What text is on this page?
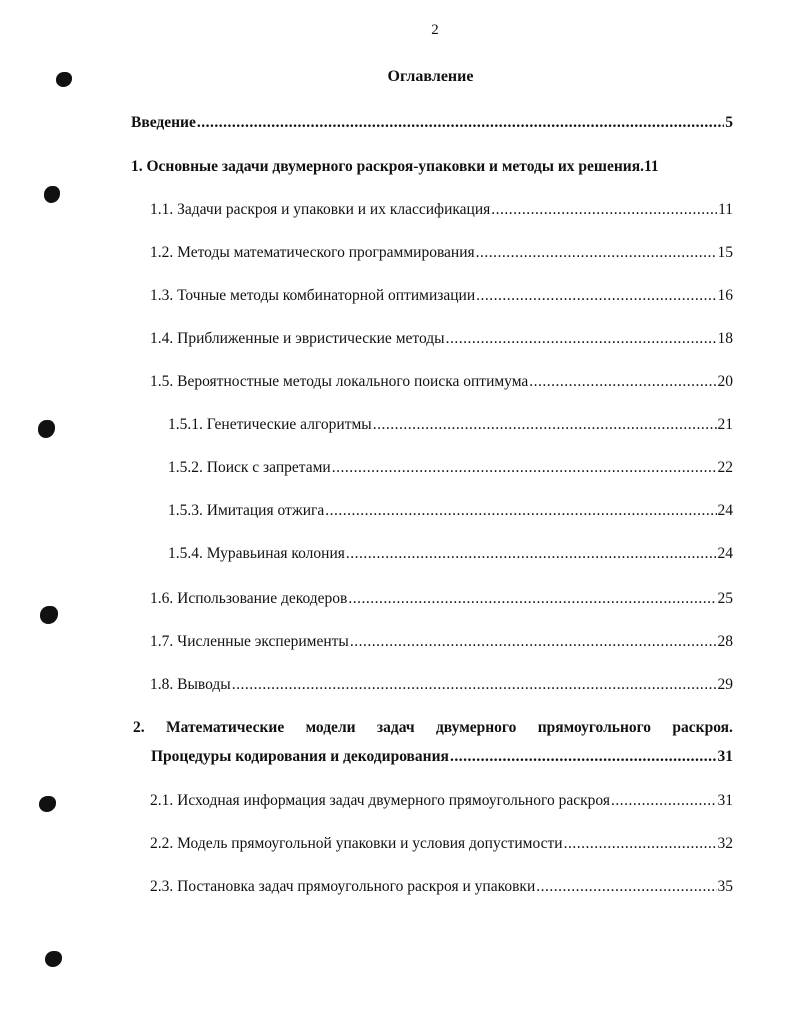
2
Оглавление
Введение .....	5
1. Основные задачи двумерного раскроя-упаковки и методы их решения. 11
1.1. Задачи раскроя и упаковки и их классификация .....	11
1.2. Методы математического программирования .....	15
1.3. Точные методы комбинаторной оптимизации .....	16
1.4. Приближенные и эвристические методы .....	18
1.5. Вероятностные методы локального поиска оптимума .....	20
1.5.1. Генетические алгоритмы .....	21
1.5.2. Поиск с запретами .....	22
1.5.3. Имитация отжига .....	24
1.5.4. Муравьиная колония .....	24
1.6. Использование декодеров .....	25
1.7. Численные эксперименты .....	28
1.8. Выводы .....	29
2. Математические модели задач двумерного прямоугольного раскроя.
Процедуры кодирования и декодирования .....	31
2.1. Исходная информация задач двумерного прямоугольного раскроя .....	31
2.2. Модель прямоугольной упаковки и условия допустимости .....	32
2.3. Постановка задач прямоугольного раскроя и упаковки .....	35
